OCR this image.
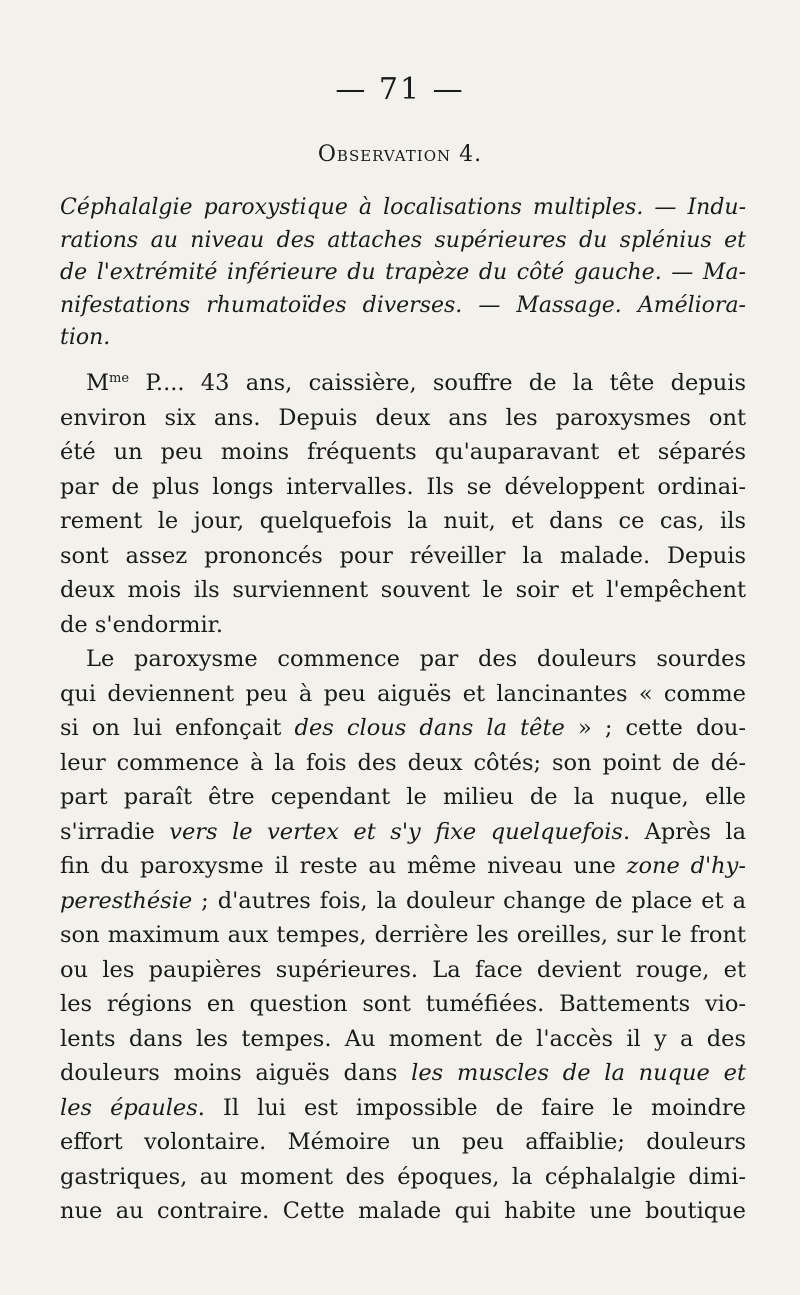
— 71 —
Observation 4.
Céphalalgie paroxystique à localisations multiples. — Indu-
rations au niveau des attaches supérieures du splénius et
de l'extrémité inférieure du trapèze du côté gauche. — Ma-
nifestations rhumatoïdes diverses. — Massage. Améliora-
tion.

$M^{me}$ P.... 43 ans, caissière, souffre de la tête depuis
environ six ans. Depuis deux ans les paroxysmes ont
été un peu moins fréquents qu'auparavant et séparés
par de plus longs intervalles. Ils se développent ordinai-
rement le jour, quelquefois la nuit, et dans ce cas, ils
sont assez prononcés pour réveiller la malade. Depuis
deux mois ils surviennent souvent le soir et l'empêchent
de s'endormir.

Le paroxysme commence par des douleurs sourdes
qui deviennent peu à peu aiguës et lancinantes « comme
si on lui enfonçait des clous dans la tête » ; cette dou-
leur commence à la fois des deux côtés; son point de dé-
part paraît être cependant le milieu de la nuque, elle
s'irradie vers le vertex et s'y fixe quelquefois. Après la
fin du paroxysme il reste au même niveau une zone d'hy-
peresthésie ; d'autres fois, la douleur change de place et a
son maximum aux tempes, derrière les oreilles, sur le front
ou les paupières supérieures. La face devient rouge, et
les régions en question sont tuméfiées. Battements vio-
lents dans les tempes. Au moment de l'accès il y a des
douleurs moins aiguës dans les muscles de la nuque et
les épaules. Il lui est impossible de faire le moindre
effort volontaire. Mémoire un peu affaiblie; douleurs
gastriques, au moment des époques, la céphalalgie dimi-
nue au contraire. Cette malade qui habite une boutique
